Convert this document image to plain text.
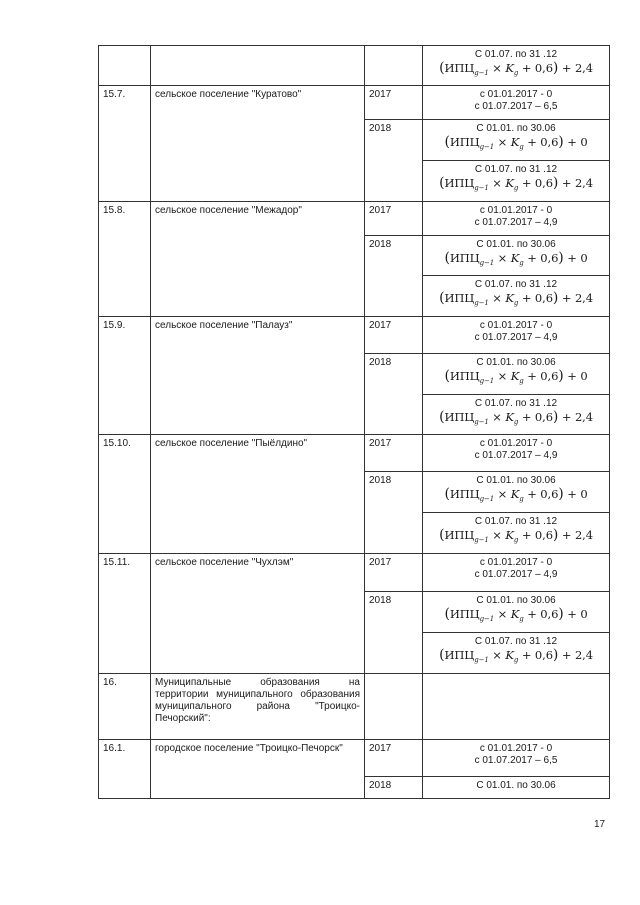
			С 01.07. по 31 .12
$(ИПЦ_{g-1} \times K_g + 0,6) + 2,4$

15.7.	сельское поселение "Куратово"	2017	с 01.01.2017 - 0
с 01.07.2017 – 6,5

		2018	С 01.01. по 30.06
$(ИПЦ_{g-1} \times K_g + 0,6) + 0$

			С 01.07. по 31 .12
$(ИПЦ_{g-1} \times K_g + 0,6) + 2,4$

15.8.	сельское поселение "Межадор"	2017	с 01.01.2017 - 0
с 01.07.2017 – 4,9

		2018	С 01.01. по 30.06
$(ИПЦ_{g-1} \times K_g + 0,6) + 0$

			С 01.07. по 31 .12
$(ИПЦ_{g-1} \times K_g + 0,6) + 2,4$

15.9.	сельское поселение "Палауз"	2017	с 01.01.2017 - 0
с 01.07.2017 – 4,9

		2018	С 01.01. по 30.06
$(ИПЦ_{g-1} \times K_g + 0,6) + 0$

			С 01.07. по 31 .12
$(ИПЦ_{g-1} \times K_g + 0,6) + 2,4$

15.10.	сельское поселение "Пыёлдино"	2017	с 01.01.2017 - 0
с 01.07.2017 – 4,9

		2018	С 01.01. по 30.06
$(ИПЦ_{g-1} \times K_g + 0,6) + 0$

			С 01.07. по 31 .12
$(ИПЦ_{g-1} \times K_g + 0,6) + 2,4$

15.11.	сельское поселение "Чухлэм"	2017	с 01.01.2017 - 0
с 01.07.2017 – 4,9

		2018	С 01.01. по 30.06
$(ИПЦ_{g-1} \times K_g + 0,6) + 0$

			С 01.07. по 31 .12
$(ИПЦ_{g-1} \times K_g + 0,6) + 2,4$

16.	Муниципальные образования на территории муниципального образования муниципального района "Троицко-Печорский":		
16.1.	городское поселение "Троицко-Печорск"	2017	с 01.01.2017 - 0
с 01.07.2017 – 6,5

		2018	С 01.01. по 30.06
17
